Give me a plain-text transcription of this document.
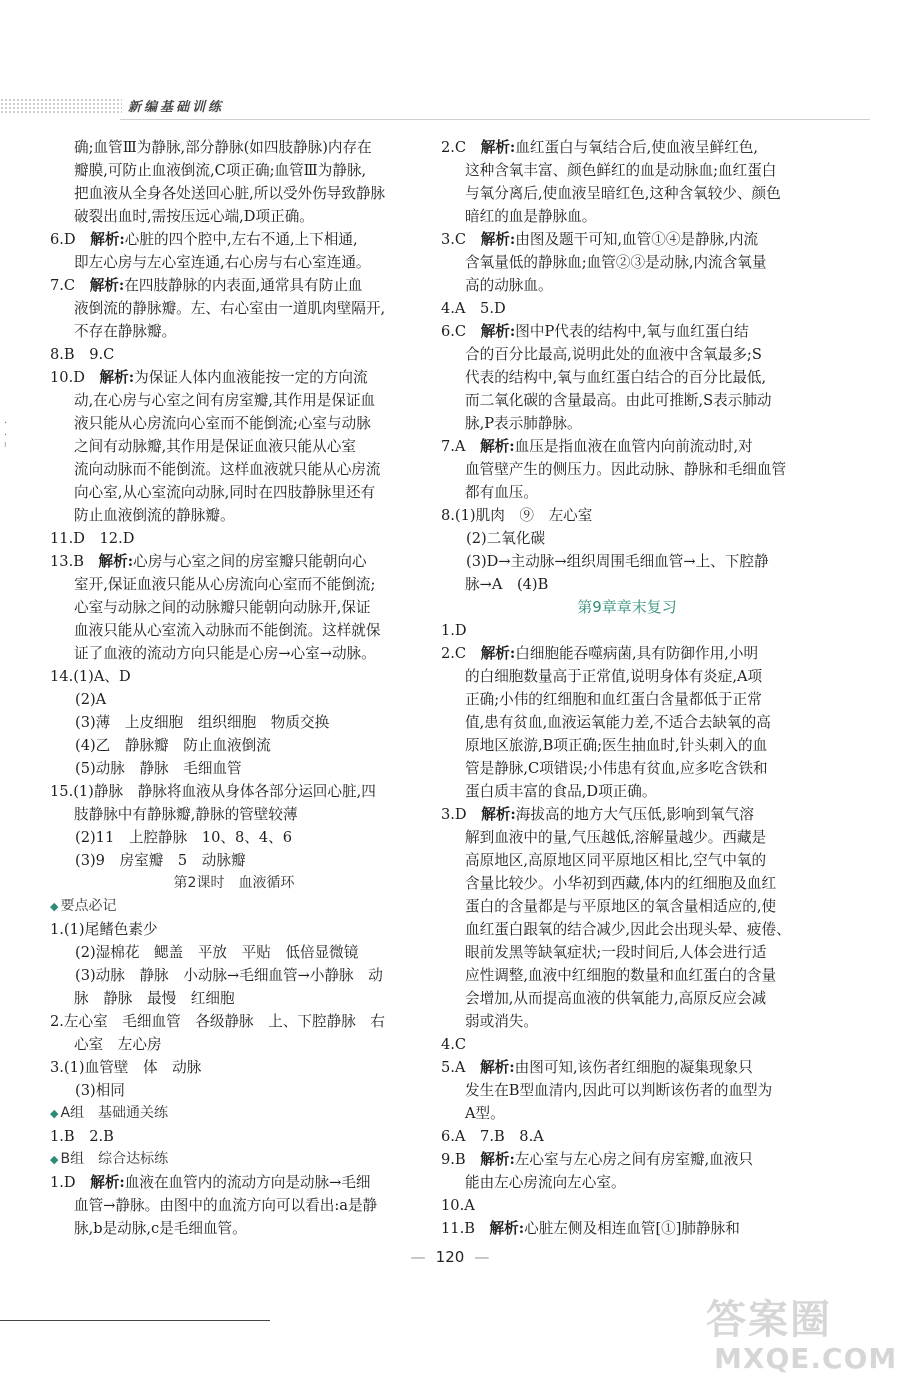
新编基础训练
·
·
ᴵ

确;血管Ⅲ为静脉,部分静脉(如四肢静脉)内存在

瓣膜,可防止血液倒流,C项正确;血管Ⅲ为静脉,

把血液从全身各处送回心脏,所以受外伤导致静脉

破裂出血时,需按压远心端,D项正确。

6.D　解析:心脏的四个腔中,左右不通,上下相通,

即左心房与左心室连通,右心房与右心室连通。

7.C　解析:在四肢静脉的内表面,通常具有防止血

液倒流的静脉瓣。左、右心室由一道肌肉壁隔开,

不存在静脉瓣。

8.B　9.C

10.D　解析:为保证人体内血液能按一定的方向流

动,在心房与心室之间有房室瓣,其作用是保证血

液只能从心房流向心室而不能倒流;心室与动脉

之间有动脉瓣,其作用是保证血液只能从心室

流向动脉而不能倒流。这样血液就只能从心房流

向心室,从心室流向动脉,同时在四肢静脉里还有

防止血液倒流的静脉瓣。

11.D　12.D

13.B　解析:心房与心室之间的房室瓣只能朝向心

室开,保证血液只能从心房流向心室而不能倒流;

心室与动脉之间的动脉瓣只能朝向动脉开,保证

血液只能从心室流入动脉而不能倒流。这样就保

证了血液的流动方向只能是心房→心室→动脉。

14.(1)A、D

(2)A

(3)薄　上皮细胞　组织细胞　物质交换

(4)乙　静脉瓣　防止血液倒流

(5)动脉　静脉　毛细血管

15.(1)静脉　静脉将血液从身体各部分运回心脏,四

肢静脉中有静脉瓣,静脉的管壁较薄

(2)11　上腔静脉　10、8、4、6

(3)9　房室瓣　5　动脉瓣

第2课时　血液循环

◆ 要点必记

1.(1)尾鳍色素少

(2)湿棉花　鳃盖　平放　平贴　低倍显微镜

(3)动脉　静脉　小动脉→毛细血管→小静脉　动

脉　静脉　最慢　红细胞

2.左心室　毛细血管　各级静脉　上、下腔静脉　右

心室　左心房

3.(1)血管壁　体　动脉

(3)相同

◆ A组　基础通关练

1.B　2.B

◆ B组　综合达标练

1.D　解析:血液在血管内的流动方向是动脉→毛细

血管→静脉。由图中的血流方向可以看出:a是静

脉,b是动脉,c是毛细血管。

2.C　解析:血红蛋白与氧结合后,使血液呈鲜红色,

这种含氧丰富、颜色鲜红的血是动脉血;血红蛋白

与氧分离后,使血液呈暗红色,这种含氧较少、颜色

暗红的血是静脉血。

3.C　解析:由图及题干可知,血管①④是静脉,内流

含氧量低的静脉血;血管②③是动脉,内流含氧量

高的动脉血。

4.A　5.D

6.C　解析:图中P代表的结构中,氧与血红蛋白结

合的百分比最高,说明此处的血液中含氧最多;S

代表的结构中,氧与血红蛋白结合的百分比最低,

而二氧化碳的含量最高。由此可推断,S表示肺动

脉,P表示肺静脉。

7.A　解析:血压是指血液在血管内向前流动时,对

血管壁产生的侧压力。因此动脉、静脉和毛细血管

都有血压。

8.(1)肌肉　⑨　左心室

(2)二氧化碳

(3)D→主动脉→组织周围毛细血管→上、下腔静

脉→A　(4)B

第9章章末复习

1.D

2.C　解析:白细胞能吞噬病菌,具有防御作用,小明

的白细胞数量高于正常值,说明身体有炎症,A项

正确;小伟的红细胞和血红蛋白含量都低于正常

值,患有贫血,血液运氧能力差,不适合去缺氧的高

原地区旅游,B项正确;医生抽血时,针头刺入的血

管是静脉,C项错误;小伟患有贫血,应多吃含铁和

蛋白质丰富的食品,D项正确。

3.D　解析:海拔高的地方大气压低,影响到氧气溶

解到血液中的量,气压越低,溶解量越少。西藏是

高原地区,高原地区同平原地区相比,空气中氧的

含量比较少。小华初到西藏,体内的红细胞及血红

蛋白的含量都是与平原地区的氧含量相适应的,使

血红蛋白跟氧的结合减少,因此会出现头晕、疲倦、

眼前发黑等缺氧症状;一段时间后,人体会进行适

应性调整,血液中红细胞的数量和血红蛋白的含量

会增加,从而提高血液的供氧能力,高原反应会减

弱或消失。

4.C

5.A　解析:由图可知,该伤者红细胞的凝集现象只

发生在B型血清内,因此可以判断该伤者的血型为

A型。

6.A　7.B　8.A

9.B　解析:左心室与左心房之间有房室瓣,血液只

能由左心房流向左心室。

10.A

11.B　解析:心脏左侧及相连血管[①]肺静脉和

— 120 —
答案圈
MXQE.COM
